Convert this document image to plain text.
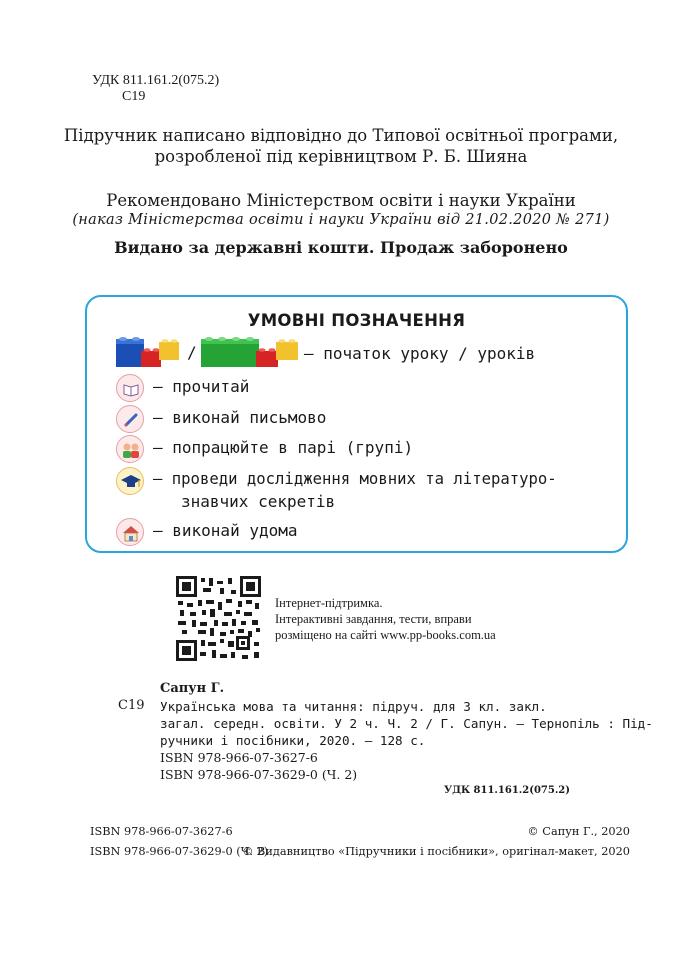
УДК 811.161.2(075.2)
С19
Підручник написано відповідно до Типової освітньої програми,
розробленої під керівництвом Р. Б. Шияна
Рекомендовано Міністерством освіти і науки України
(наказ Міністерства освіти і науки України від 21.02.2020 № 271)
Видано за державні кошти. Продаж заборонено
УМОВНІ ПОЗНАЧЕННЯ
/	— початок уроку / уроків
— прочитай
— виконай письмово
— попрацюйте в парі (групі)
— проведи дослідження мовних та літературо-
знавчих секретів
— виконай удома
Інтернет-підтримка.
Інтерактивні завдання, тести, вправи
розміщено на сайті www.pp-books.com.ua
Сапун Г.
С19 Українська мова та читання: підруч. для 3 кл. закл.
загал. середн. освіти. У 2 ч. Ч. 2 / Г. Сапун. — Тернопіль : Під-
ручники і посібники, 2020. — 128 с.
ISBN 978-966-07-3627-6
ISBN 978-966-07-3629-0 (Ч. 2)
УДК 811.161.2(075.2)
ISBN 978-966-07-3627-6
ISBN 978-966-07-3629-0 (Ч. 2)
© Сапун Г., 2020
© Видавництво «Підручники і посібники», оригінал-макет, 2020
